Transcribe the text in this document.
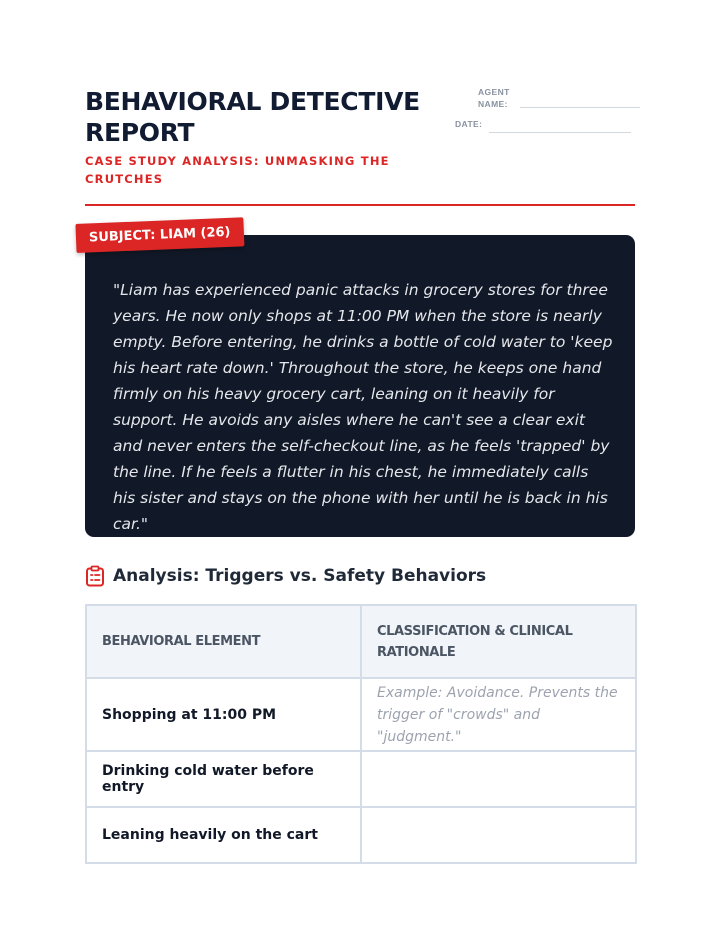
BEHAVIORAL DETECTIVE REPORT
CASE STUDY ANALYSIS: UNMASKING THE CRUTCHES
AGENT
NAME:
DATE:
"Liam has experienced panic attacks in grocery stores for three years. He now only shops at 11:00 PM when the store is nearly empty. Before entering, he drinks a bottle of cold water to 'keep his heart rate down.' Throughout the store, he keeps one hand firmly on his heavy grocery cart, leaning on it heavily for support. He avoids any aisles where he can't see a clear exit and never enters the self-checkout line, as he feels 'trapped' by the line. If he feels a flutter in his chest, he immediately calls his sister and stays on the phone with her until he is back in his car."
SUBJECT: LIAM (26)
Analysis: Triggers vs. Safety Behaviors
BEHAVIORAL ELEMENT	CLASSIFICATION & CLINICAL RATIONALE
Shopping at 11:00 PM	Example: Avoidance. Prevents the trigger of "crowds" and "judgment."
Drinking cold water before entry	
Leaning heavily on the cart	
